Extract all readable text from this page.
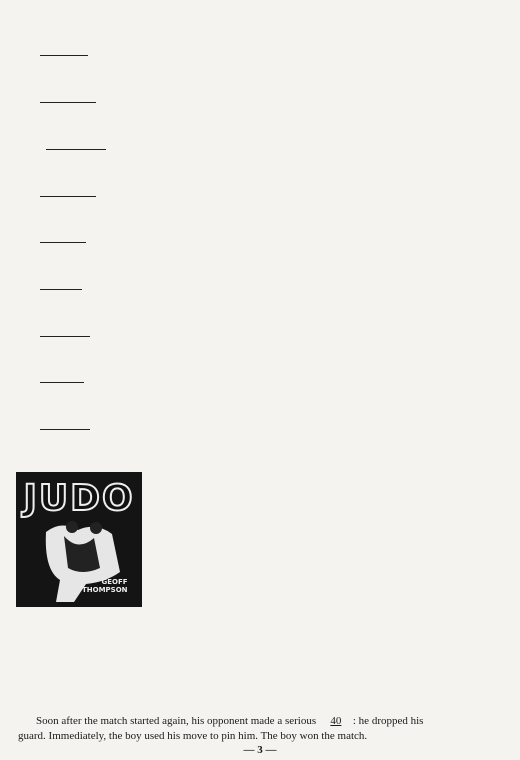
Soon after the match started again, his opponent made a serious 40 : he dropped his
guard. Immediately, the boy used his move to pin him. The boy won the match.
JUDO
GEOFF
THOMPSON
— 3 —
